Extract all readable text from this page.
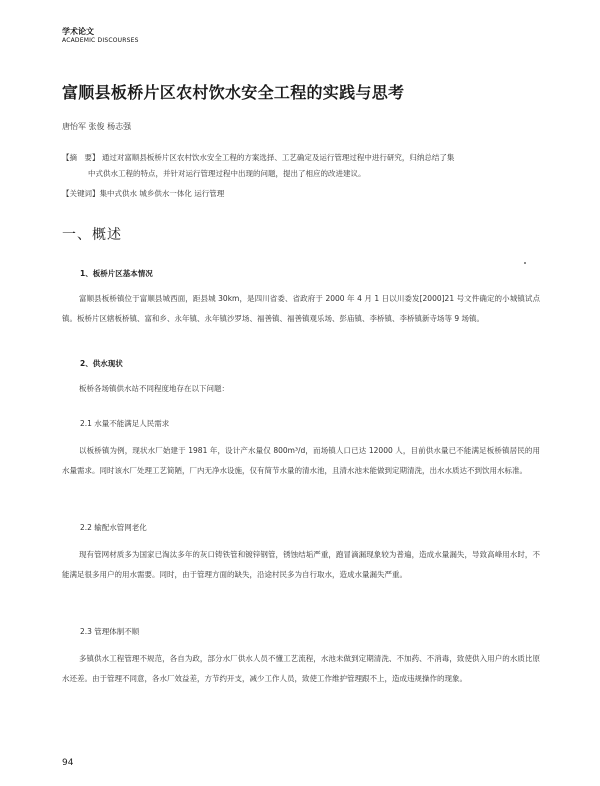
学术论文
ACADEMIC DISCOURSES
富顺县板桥片区农村饮水安全工程的实践与思考
唐怡军 张俊 杨志强
【摘　要】 通过对富顺县板桥片区农村饮水安全工程的方案选择、工艺确定及运行管理过程中进行研究，归纳总结了集
中式供水工程的特点，并针对运行管理过程中出现的问题，提出了相应的改进建议。
【关键词】集中式供水 城乡供水一体化 运行管理
一、概述
1、板桥片区基本情况
富顺县板桥镇位于富顺县城西面，距县城 30km，是四川省委、省政府于 2000 年 4 月 1 日以川委发[2000]21 号文件确定的小城镇试点镇。板桥片区辖板桥镇、富和乡、永年镇、永年镇沙罗场、福善镇、福善镇观乐场、彭庙镇、李桥镇、李桥镇新寺场等 9 场镇。
2、供水现状
板桥各场镇供水站不同程度地存在以下问题：
2.1 水量不能满足人民需求
以板桥镇为例，现状水厂始建于 1981 年，设计产水量仅 800m³/d，而场镇人口已达 12000 人，目前供水量已不能满足板桥镇居民的用水量需求。同时该水厂处理工艺简陋，厂内无净水设施，仅有简节水量的清水池，且清水池未能做到定期清洗，出水水质达不到饮用水标准。
2.2 输配水管网老化
现有管网材质多为国家已淘汰多年的灰口铸铁管和镀锌钢管，锈蚀结垢严重，跑冒滴漏现象较为普遍，造成水量漏失，导致高峰用水时，不能满足很多用户的用水需要。同时，由于管理方面的缺失，沿途村民多为自行取水，造成水量漏失严重。
2.3 管理体制不顺
多镇供水工程管理不规范，各自为政，部分水厂供水人员不懂工艺流程，水池未做到定期清洗、不加药、不消毒，致使供入用户的水质比原水还差。由于管理不同意，各水厂效益差，方节约开支，减少工作人员，致使工作维护管理跟不上，造成违规操作的现象。
94
